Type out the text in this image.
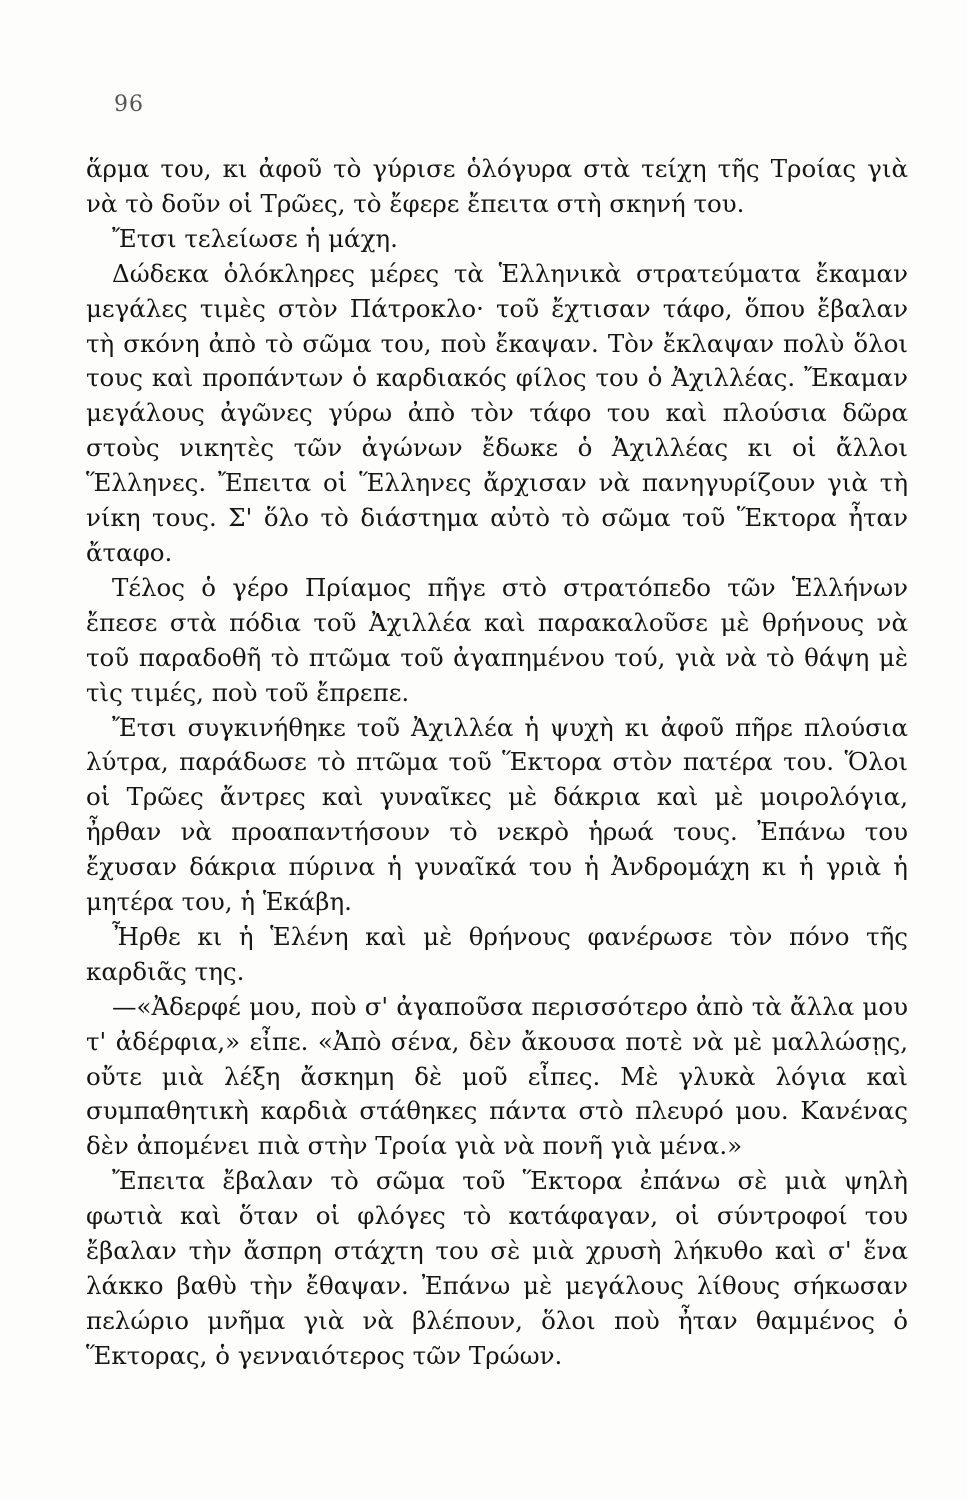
96

ἅρμα του, κι ἀφοῦ τὸ γύρισε ὁλόγυρα στὰ τείχη τῆς Τροίας γιὰ νὰ τὸ δοῦν οἱ Τρῶες, τὸ ἔφερε ἔπειτα στὴ σκηνή του.

Ἔτσι τελείωσε ἡ μάχη.

Δώδεκα ὁλόκληρες μέρες τὰ Ἑλληνικὰ στρατεύματα ἔκαμαν μεγάλες τιμὲς στὸν Πάτροκλο· τοῦ ἔχτισαν τάφο, ὅπου ἔβαλαν τὴ σκόνη ἀπὸ τὸ σῶμα του, ποὺ ἔκαψαν. Τὸν ἔκλαψαν πολὺ ὅλοι τους καὶ προπάντων ὁ καρδιακός φίλος του ὁ Ἀχιλλέας. Ἔκαμαν μεγάλους ἀγῶνες γύρω ἀπὸ τὸν τάφο του καὶ πλούσια δῶρα στοὺς νικητὲς τῶν ἀγώνων ἔδωκε ὁ Ἀχιλλέας κι οἱ ἄλλοι Ἕλληνες. Ἔπειτα οἱ Ἕλληνες ἄρχισαν νὰ πανηγυρίζουν γιὰ τὴ νίκη τους. Σ' ὅλο τὸ διάστημα αὐτὸ τὸ σῶμα τοῦ Ἕκτορα ἦταν ἄταφο.

Τέλος ὁ γέρο Πρίαμος πῆγε στὸ στρατόπεδο τῶν Ἑλλήνων ἔπεσε στὰ πόδια τοῦ Ἀχιλλέα καὶ παρακαλοῦσε μὲ θρήνους νὰ τοῦ παραδοθῆ τὸ πτῶμα τοῦ ἀγαπημένου τού, γιὰ νὰ τὸ θάψη μὲ τὶς τιμές, ποὺ τοῦ ἔπρεπε.

Ἔτσι συγκινήθηκε τοῦ Ἀχιλλέα ἡ ψυχὴ κι ἀφοῦ πῆρε πλούσια λύτρα, παράδωσε τὸ πτῶμα τοῦ Ἕκτορα στὸν πατέρα του. Ὅλοι οἱ Τρῶες ἄντρες καὶ γυναῖκες μὲ δάκρια καὶ μὲ μοιρολόγια, ἦρθαν νὰ προαπαντήσουν τὸ νεκρὸ ἡρωά τους. Ἐπάνω του ἔχυσαν δάκρια πύρινα ἡ γυναῖκά του ἡ Ἀνδρομάχη κι ἡ γριὰ ἡ μητέρα του, ἡ Ἑκάβη.

Ἦρθε κι ἡ Ἑλένη καὶ μὲ θρήνους φανέρωσε τὸν πόνο τῆς καρδιᾶς της.

—«Ἀδερφέ μου, ποὺ σ' ἀγαποῦσα περισσότερο ἀπὸ τὰ ἄλλα μου τ' ἀδέρφια,» εἶπε. «Ἀπὸ σένα, δὲν ἄκουσα ποτὲ νὰ μὲ μαλλώσῃς, οὔτε μιὰ λέξη ἄσκημη δὲ μοῦ εἶπες. Μὲ γλυκὰ λόγια καὶ συμπαθητικὴ καρδιὰ στάθηκες πάντα στὸ πλευρό μου. Κανένας δὲν ἀπομένει πιὰ στὴν Τροία γιὰ νὰ πονῆ γιὰ μένα.»

Ἔπειτα ἔβαλαν τὸ σῶμα τοῦ Ἕκτορα ἐπάνω σὲ μιὰ ψηλὴ φωτιὰ καὶ ὅταν οἱ φλόγες τὸ κατάφαγαν, οἱ σύντροφοί του ἔβαλαν τὴν ἄσπρη στάχτη του σὲ μιὰ χρυσὴ λήκυθο καὶ σ' ἕνα λάκκο βαθὺ τὴν ἔθαψαν. Ἐπάνω μὲ μεγάλους λίθους σήκωσαν πελώριο μνῆμα γιὰ νὰ βλέπουν, ὅλοι ποὺ ἦταν θαμμένος ὁ Ἕκτορας, ὁ γενναιότερος τῶν Τρώων.
